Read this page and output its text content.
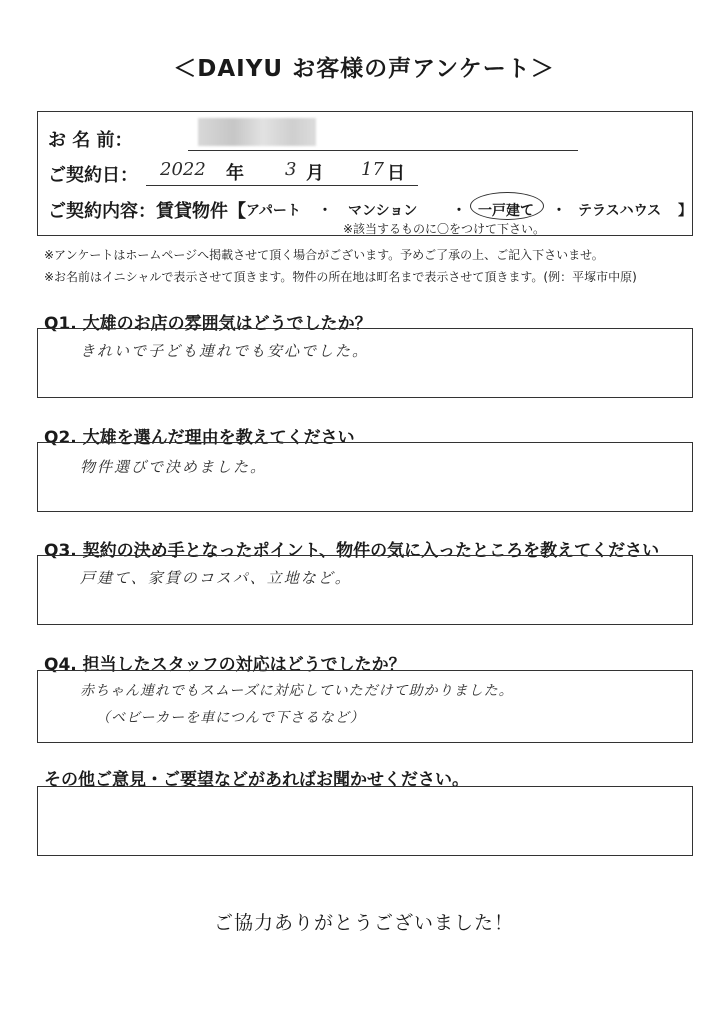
＜DAIYU お客様の声アンケート＞
お 名 前：
ご契約日： 2022 年 3 月 17 日
ご契約内容：賃貸物件【 アパート ・ マンション ・ 一戸建て ・ テラスハウス 】
※該当するものに〇をつけて下さい。
※アンケートはホームページへ掲載させて頂く場合がございます。予めご了承の上、ご記入下さいませ。
※お名前はイニシャルで表示させて頂きます。物件の所在地は町名まで表示させて頂きます。(例：平塚市中原)
Q1. 大雄のお店の雰囲気はどうでしたか？
きれいで子ども連れでも安心でした。
Q2. 大雄を選んだ理由を教えてください
物件選びで決めました。
Q3. 契約の決め手となったポイント、物件の気に入ったところを教えてください
戸建て、家賃のコスパ、立地など。
Q4. 担当したスタッフの対応はどうでしたか？
赤ちゃん連れでもスムーズに対応していただけて助かりました。
（ベビーカーを車につんで下さるなど）
その他ご意見・ご要望などがあればお聞かせください。
ご協力ありがとうございました！
